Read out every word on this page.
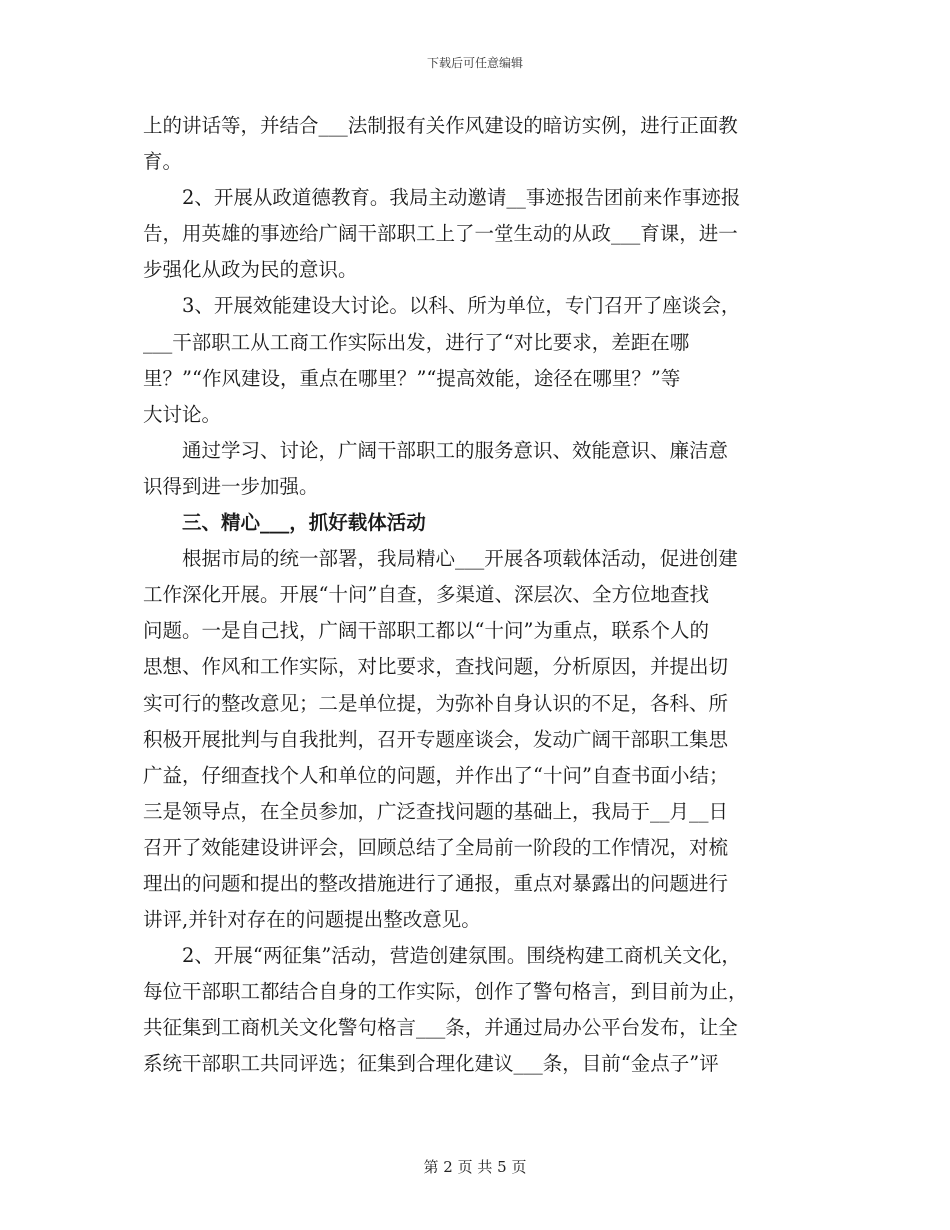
下载后可任意编辑
上的讲话等，并结合___法制报有关作风建设的暗访实例，进行正面教
育。
　　2、开展从政道德教育。我局主动邀请__事迹报告团前来作事迹报
告，用英雄的事迹给广阔干部职工上了一堂生动的从政___育课，进一
步强化从政为民的意识。
　　3、开展效能建设大讨论。以科、所为单位，专门召开了座谈会，
___干部职工从工商工作实际出发，进行了“对比要求，差距在哪
里？”“作风建设，重点在哪里？”“提高效能，途径在哪里？”等
大讨论。
　　通过学习、讨论，广阔干部职工的服务意识、效能意识、廉洁意
识得到进一步加强。
　　三、精心___，抓好载体活动
　　根据市局的统一部署，我局精心___开展各项载体活动，促进创建
工作深化开展。开展“十问”自查，多渠道、深层次、全方位地查找
问题。一是自己找，广阔干部职工都以“十问”为重点，联系个人的
思想、作风和工作实际，对比要求，查找问题，分析原因，并提出切
实可行的整改意见；二是单位提，为弥补自身认识的不足，各科、所
积极开展批判与自我批判，召开专题座谈会，发动广阔干部职工集思
广益，仔细查找个人和单位的问题，并作出了“十问”自查书面小结；
三是领导点，在全员参加，广泛查找问题的基础上，我局于__月__日
召开了效能建设讲评会，回顾总结了全局前一阶段的工作情况，对梳
理出的问题和提出的整改措施进行了通报，重点对暴露出的问题进行
讲评,并针对存在的问题提出整改意见。
　　2、开展“两征集”活动，营造创建氛围。围绕构建工商机关文化，
每位干部职工都结合自身的工作实际，创作了警句格言，到目前为止，
共征集到工商机关文化警句格言___条，并通过局办公平台发布，让全
系统干部职工共同评选；征集到合理化建议___条，目前“金点子”评
第 2 页 共 5 页
